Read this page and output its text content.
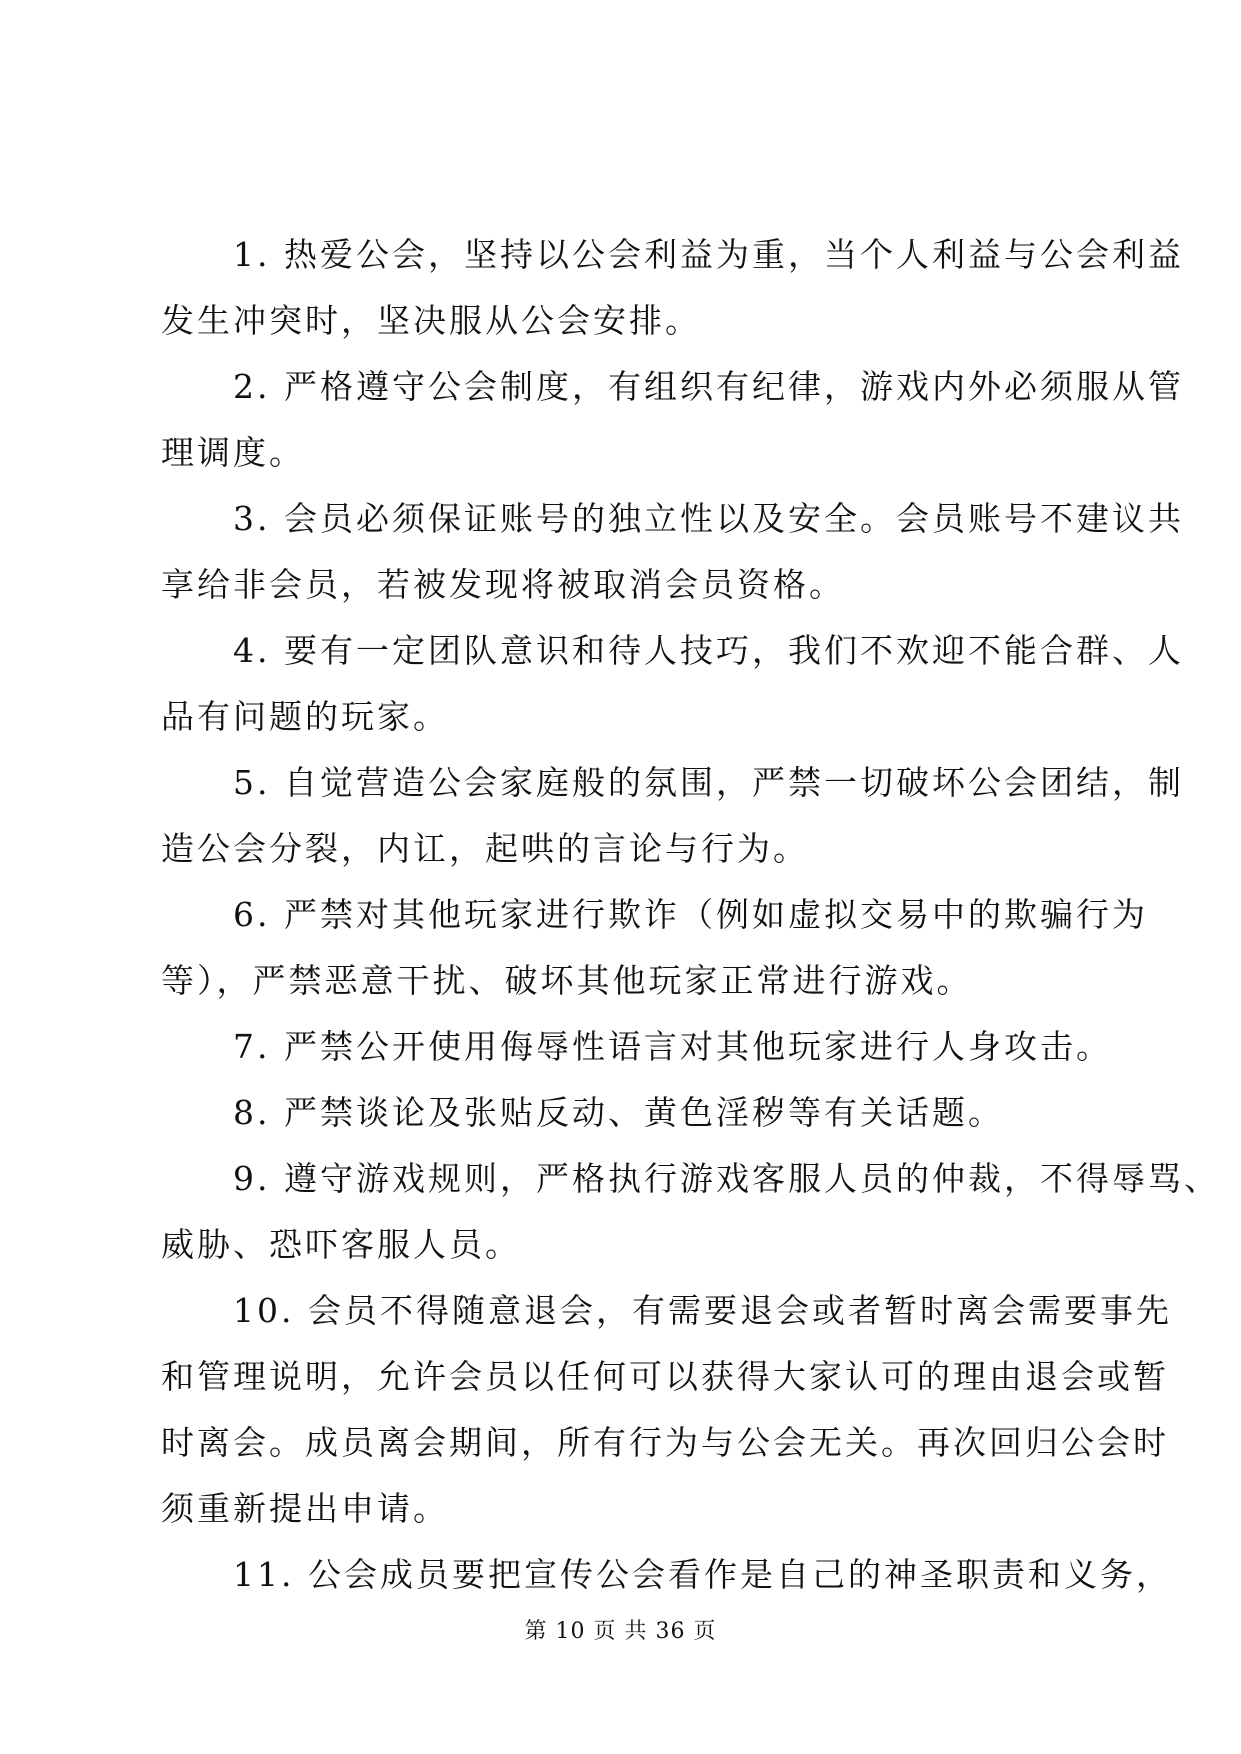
1. 热爱公会，坚持以公会利益为重，当个人利益与公会利益
发生冲突时，坚决服从公会安排。
2. 严格遵守公会制度，有组织有纪律，游戏内外必须服从管
理调度。
3. 会员必须保证账号的独立性以及安全。会员账号不建议共
享给非会员，若被发现将被取消会员资格。
4. 要有一定团队意识和待人技巧，我们不欢迎不能合群、人
品有问题的玩家。
5. 自觉营造公会家庭般的氛围，严禁一切破坏公会团结，制
造公会分裂，内讧，起哄的言论与行为。
6. 严禁对其他玩家进行欺诈（例如虚拟交易中的欺骗行为
等），严禁恶意干扰、破坏其他玩家正常进行游戏。
7. 严禁公开使用侮辱性语言对其他玩家进行人身攻击。
8. 严禁谈论及张贴反动、黄色淫秽等有关话题。
9. 遵守游戏规则，严格执行游戏客服人员的仲裁，不得辱骂、
威胁、恐吓客服人员。
10. 会员不得随意退会，有需要退会或者暂时离会需要事先
和管理说明，允许会员以任何可以获得大家认可的理由退会或暂
时离会。成员离会期间，所有行为与公会无关。再次回归公会时
须重新提出申请。
11. 公会成员要把宣传公会看作是自己的神圣职责和义务，
第 10 页 共 36 页
